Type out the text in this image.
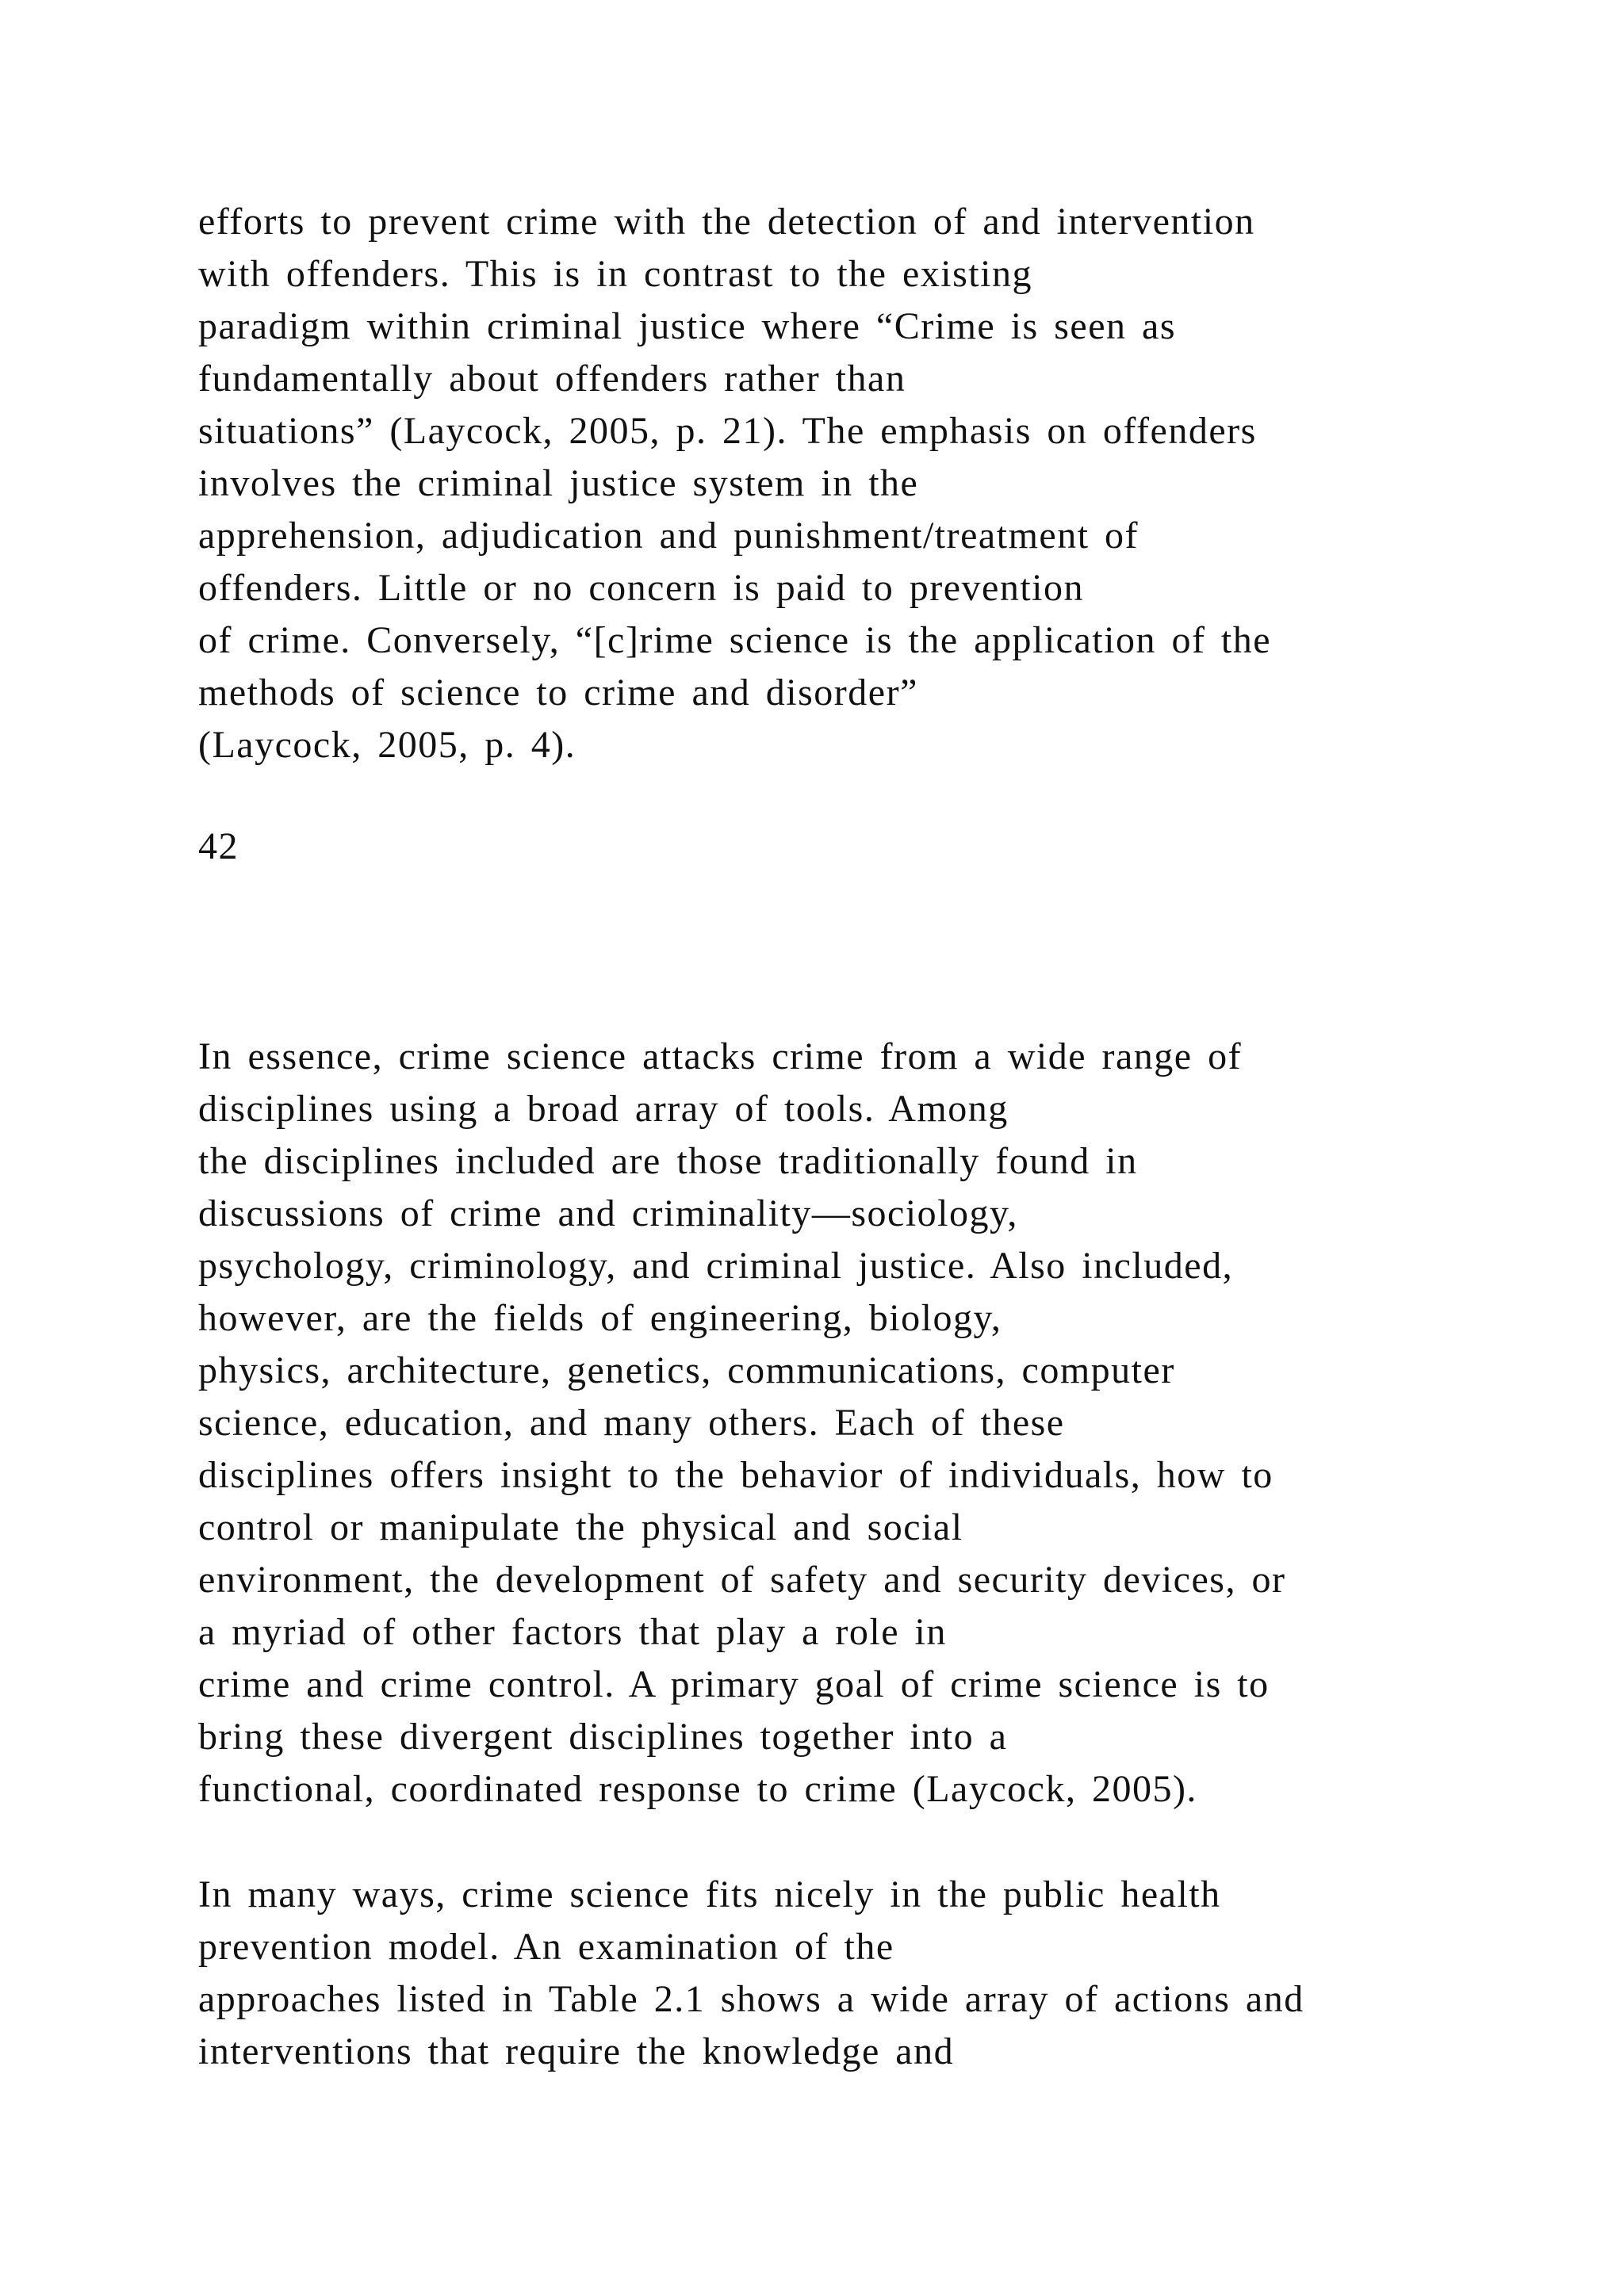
efforts to prevent crime with the detection of and intervention
with offenders. This is in contrast to the existing
paradigm within criminal justice where “Crime is seen as
fundamentally about offenders rather than
situations” (Laycock, 2005, p. 21). The emphasis on offenders
involves the criminal justice system in the
apprehension, adjudication and punishment/treatment of
offenders. Little or no concern is paid to prevention
of crime. Conversely, “[c]rime science is the application of the
methods of science to crime and disorder”
(Laycock, 2005, p. 4).
42
In essence, crime science attacks crime from a wide range of
disciplines using a broad array of tools. Among
the disciplines included are those traditionally found in
discussions of crime and criminality—sociology,
psychology, criminology, and criminal justice. Also included,
however, are the fields of engineering, biology,
physics, architecture, genetics, communications, computer
science, education, and many others. Each of these
disciplines offers insight to the behavior of individuals, how to
control or manipulate the physical and social
environment, the development of safety and security devices, or
a myriad of other factors that play a role in
crime and crime control. A primary goal of crime science is to
bring these divergent disciplines together into a
functional, coordinated response to crime (Laycock, 2005).
In many ways, crime science fits nicely in the public health
prevention model. An examination of the
approaches listed in Table 2.1 shows a wide array of actions and
interventions that require the knowledge and
